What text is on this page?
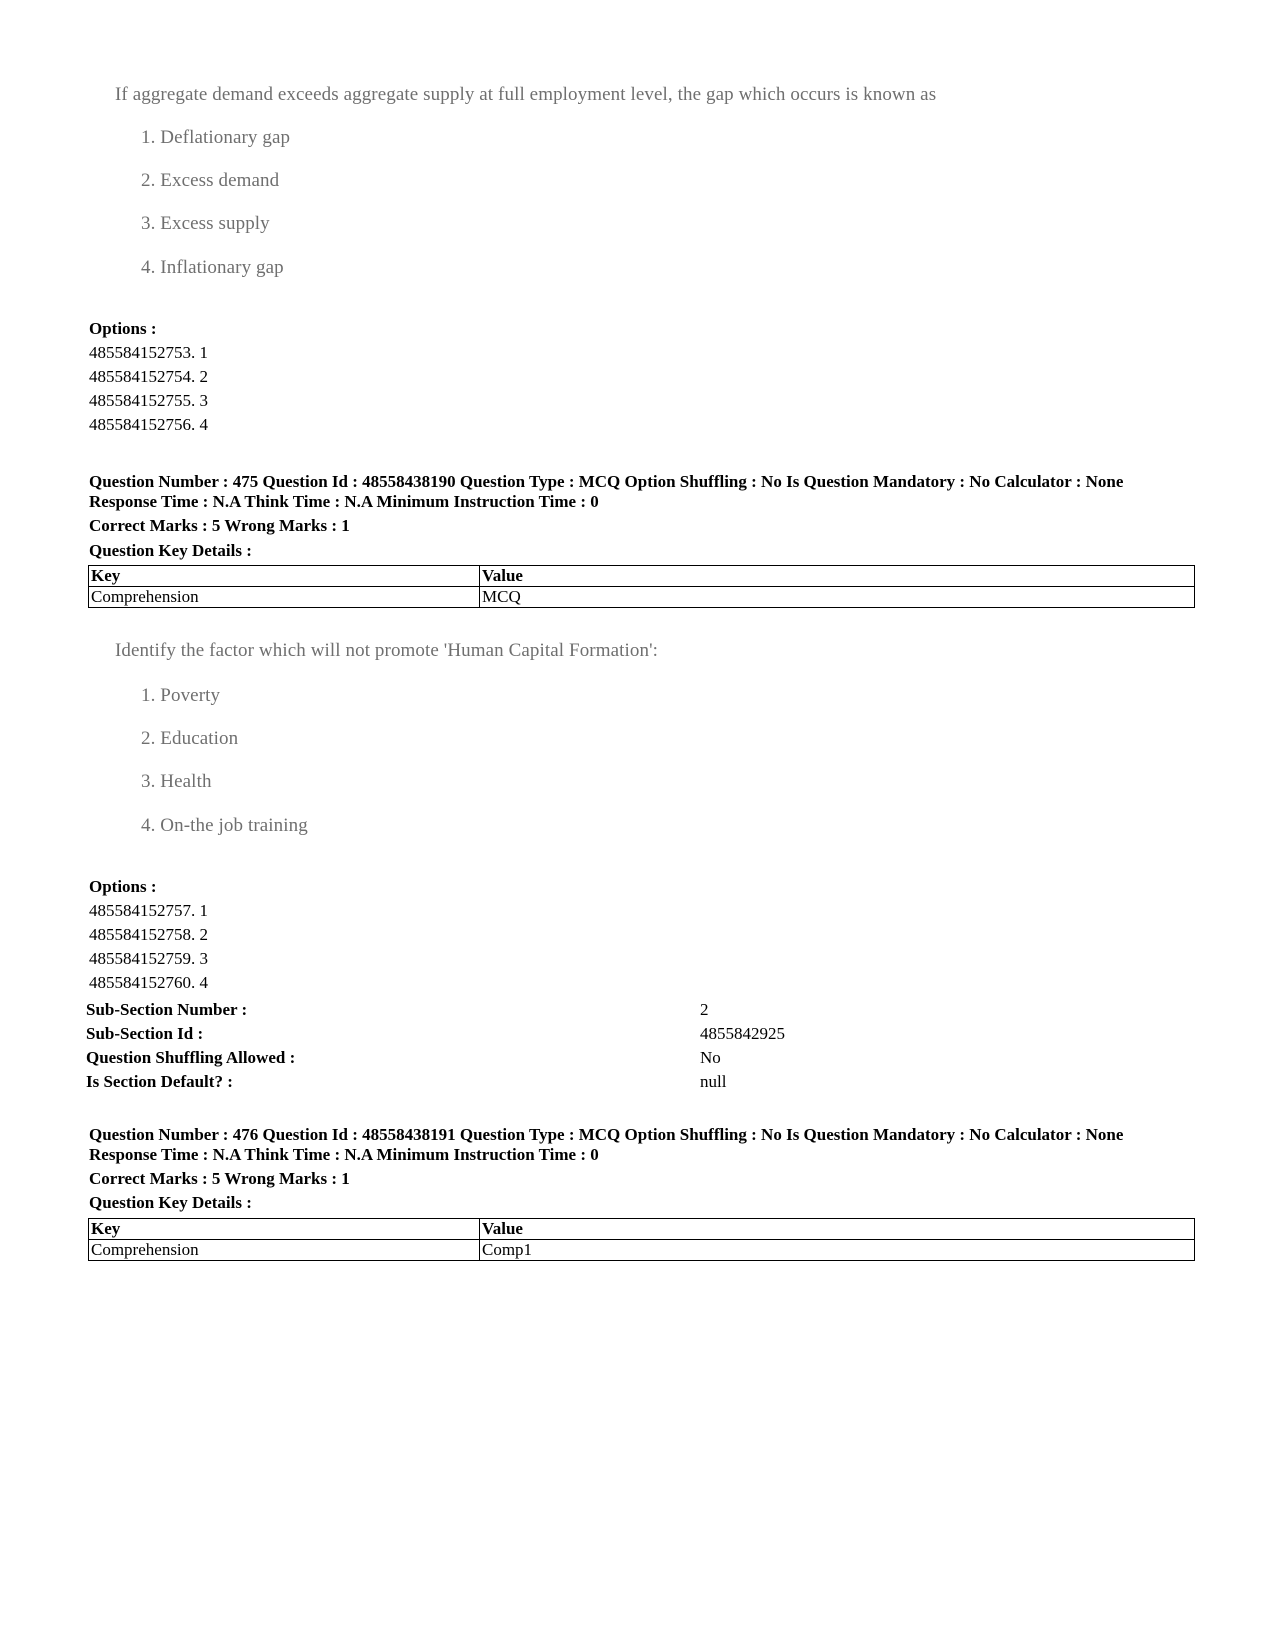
If aggregate demand exceeds aggregate supply at full employment level, the gap which occurs is known as
1. Deflationary gap
2. Excess demand
3. Excess supply
4. Inflationary gap
Options :
485584152753. 1
485584152754. 2
485584152755. 3
485584152756. 4
Question Number : 475 Question Id : 48558438190 Question Type : MCQ Option Shuffling : No Is Question Mandatory : No Calculator : None
Response Time : N.A Think Time : N.A Minimum Instruction Time : 0
Correct Marks : 5 Wrong Marks : 1
Question Key Details :
Key	Value
Comprehension	MCQ
Identify the factor which will not promote 'Human Capital Formation':
1. Poverty
2. Education
3. Health
4. On-the job training
Options :
485584152757. 1
485584152758. 2
485584152759. 3
485584152760. 4
Sub-Section Number :	2
Sub-Section Id :	4855842925
Question Shuffling Allowed :	No
Is Section Default? :	null
Question Number : 476 Question Id : 48558438191 Question Type : MCQ Option Shuffling : No Is Question Mandatory : No Calculator : None
Response Time : N.A Think Time : N.A Minimum Instruction Time : 0
Correct Marks : 5 Wrong Marks : 1
Question Key Details :
Key	Value
Comprehension	Comp1
